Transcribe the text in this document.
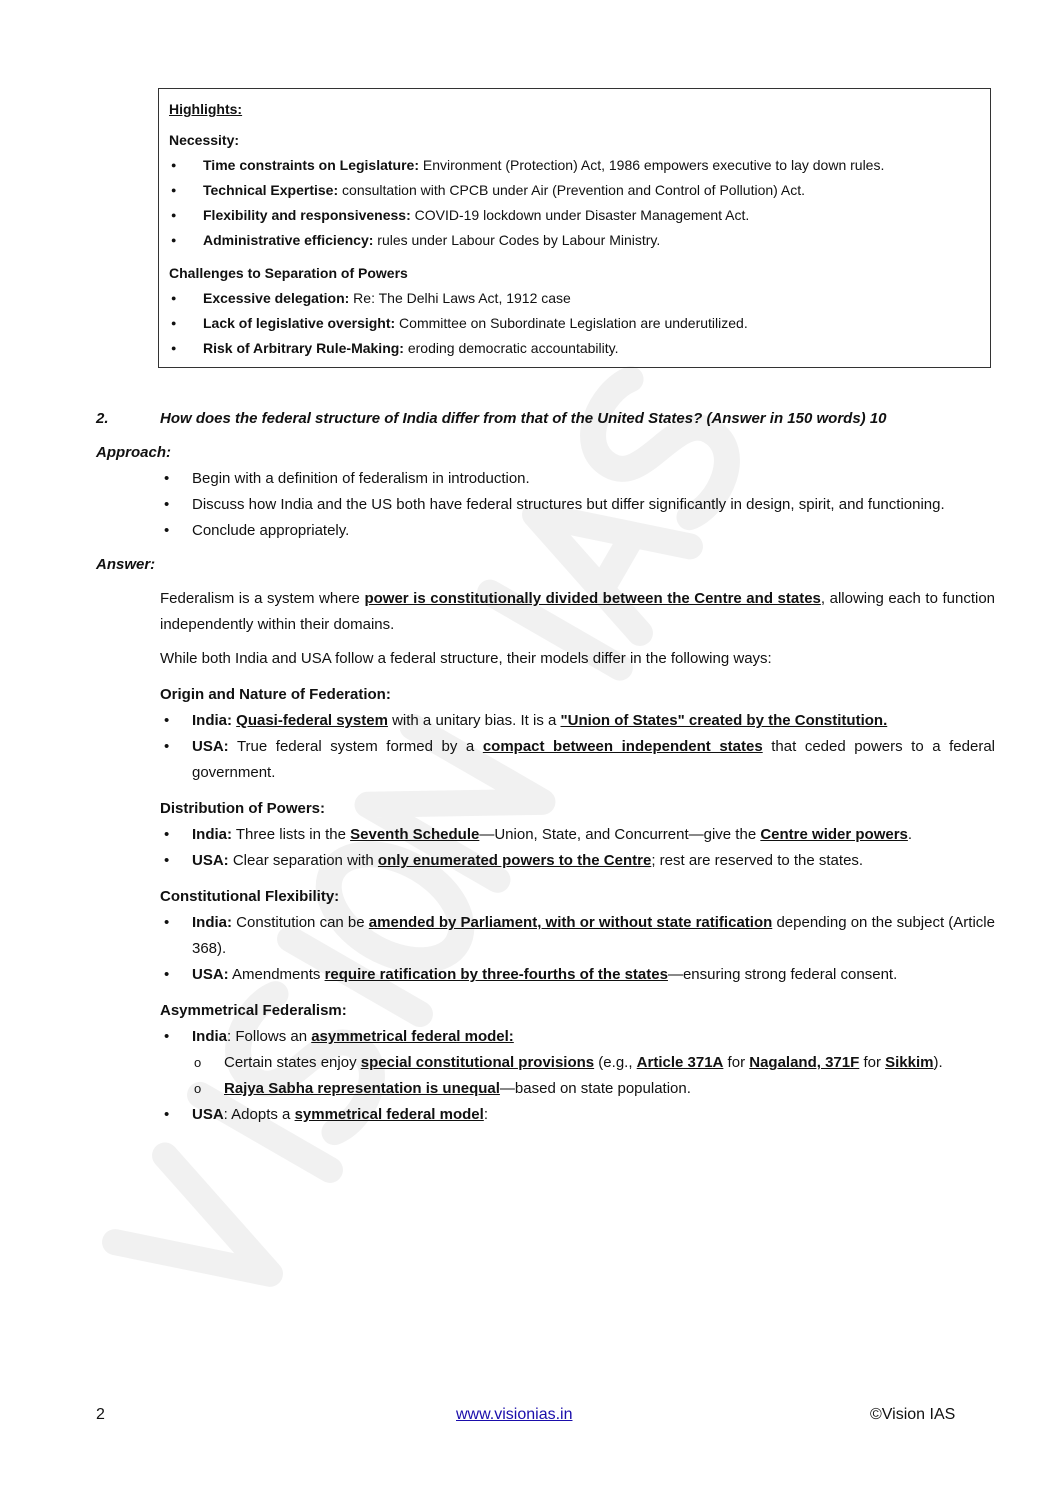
Highlights:
Necessity:
●	Time constraints on Legislature: Environment (Protection) Act, 1986 empowers executive to lay down rules.
●	Technical Expertise: consultation with CPCB under Air (Prevention and Control of Pollution) Act.
●	Flexibility and responsiveness: COVID-19 lockdown under Disaster Management Act.
●	Administrative efficiency: rules under Labour Codes by Labour Ministry.
Challenges to Separation of Powers
●	Excessive delegation: Re: The Delhi Laws Act, 1912 case
●	Lack of legislative oversight: Committee on Subordinate Legislation are underutilized.
●	Risk of Arbitrary Rule-Making: eroding democratic accountability.
2.	How does the federal structure of India differ from that of the United States? (Answer in 150 words) 10
Approach:
•	Begin with a definition of federalism in introduction.
•	Discuss how India and the US both have federal structures but differ significantly in design, spirit, and functioning.
•	Conclude appropriately.
Answer:
Federalism is a system where power is constitutionally divided between the Centre and states, allowing each to function independently within their domains.
While both India and USA follow a federal structure, their models differ in the following ways:
Origin and Nature of Federation:
•	India: Quasi-federal system with a unitary bias. It is a "Union of States" created by the Constitution.
•	USA: True federal system formed by a compact between independent states that ceded powers to a federal government.
Distribution of Powers:
•	India: Three lists in the Seventh Schedule—Union, State, and Concurrent—give the Centre wider powers.
•	USA: Clear separation with only enumerated powers to the Centre; rest are reserved to the states.
Constitutional Flexibility:
•	India: Constitution can be amended by Parliament, with or without state ratification depending on the subject (Article 368).
•	USA: Amendments require ratification by three-fourths of the states—ensuring strong federal consent.
Asymmetrical Federalism:
•	India: Follows an asymmetrical federal model:
o	Certain states enjoy special constitutional provisions (e.g., Article 371A for Nagaland, 371F for Sikkim).
o	Rajya Sabha representation is unequal—based on state population.
•	USA: Adopts a symmetrical federal model:
2	www.visionias.in	©Vision IAS
